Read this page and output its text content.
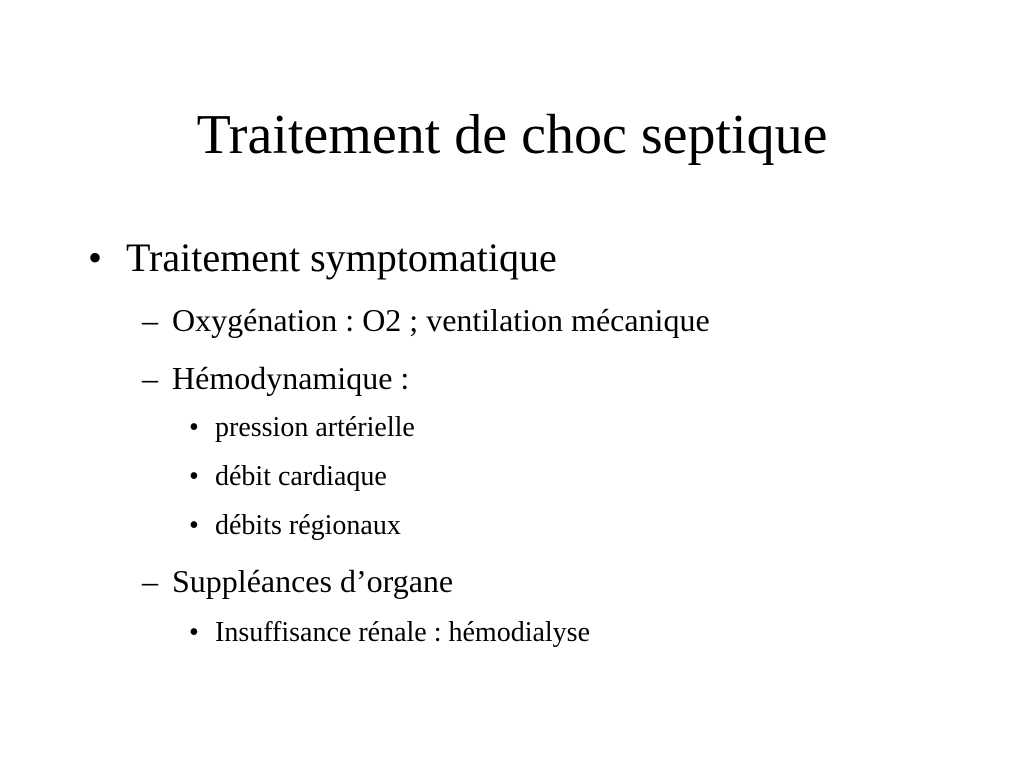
Traitement de choc septique
• Traitement symptomatique
– Oxygénation : O2 ; ventilation mécanique
– Hémodynamique :
• pression artérielle
• débit cardiaque
• débits régionaux
– Suppléances d’organe
• Insuffisance rénale : hémodialyse
